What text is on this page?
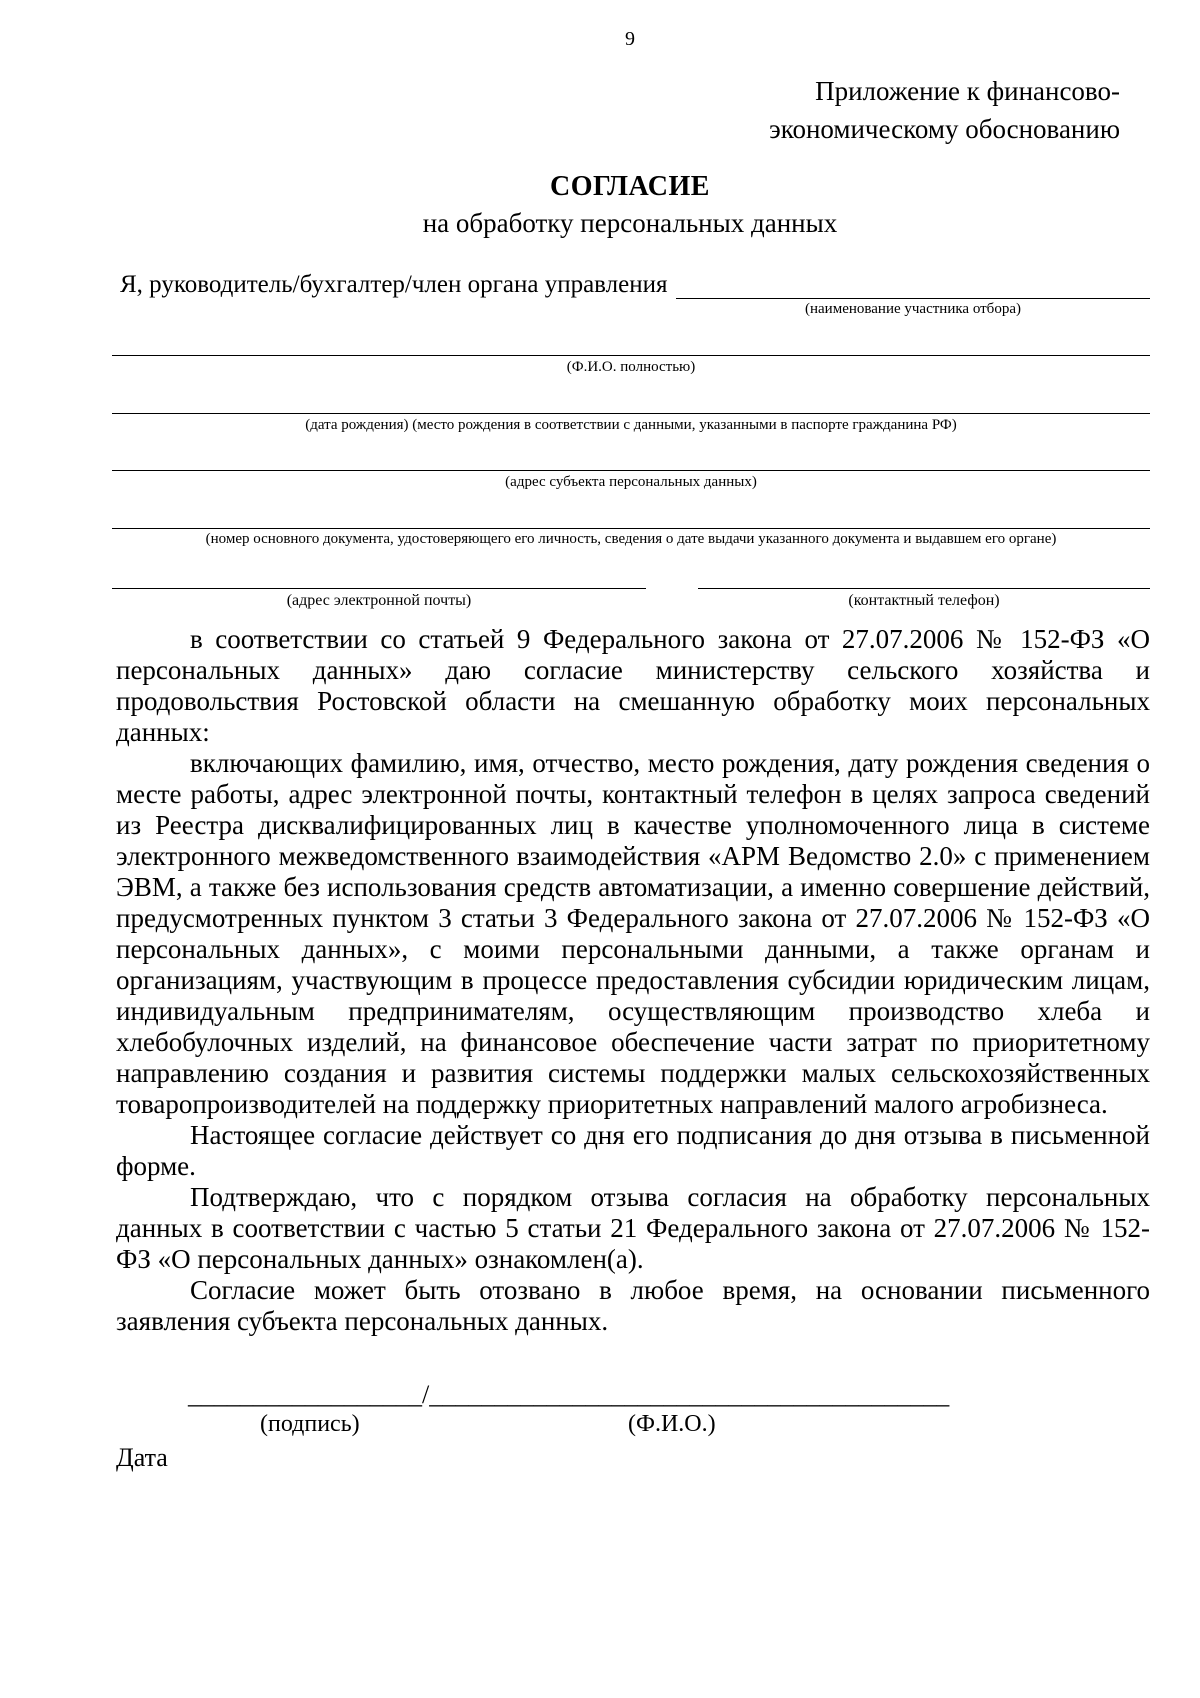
9
Приложение к финансово-
экономическому обоснованию
СОГЛАСИЕ
на обработку персональных данных
Я, руководитель/бухгалтер/член органа управления
(наименование участника отбора)
(Ф.И.О. полностью)
(дата рождения) (место рождения в соответствии с данными, указанными в паспорте гражданина РФ)
(адрес субъекта персональных данных)
(номер основного документа, удостоверяющего его личность, сведения о дате выдачи указанного документа и выдавшем его органе)
(адрес электронной почты)	(контактный телефон)

в соответствии со статьей 9 Федерального закона от 27.07.2006 № 152-ФЗ «О персональных данных» даю согласие министерству сельского хозяйства и продовольствия Ростовской области на смешанную обработку моих персональных данных:

включающих фамилию, имя, отчество, место рождения, дату рождения сведения о месте работы, адрес электронной почты, контактный телефон в целях запроса сведений из Реестра дисквалифицированных лиц в качестве уполномоченного лица в системе электронного межведомственного взаимодействия «АРМ Ведомство 2.0» с применением ЭВМ, а также без использования средств автоматизации, а именно совершение действий, предусмотренных пунктом 3 статьи 3 Федерального закона от 27.07.2006 № 152-ФЗ «О персональных данных», с моими персональными данными, а также органам и организациям, участвующим в процессе предоставления субсидии юридическим лицам, индивидуальным предпринимателям, осуществляющим производство хлеба и хлебобулочных изделий, на финансовое обеспечение части затрат по приоритетному направлению создания и развития системы поддержки малых сельскохозяйственных товаропроизводителей на поддержку приоритетных направлений малого агробизнеса.

Настоящее согласие действует со дня его подписания до дня отзыва в письменной форме.

Подтверждаю, что с порядком отзыва согласия на обработку персональных данных в соответствии с частью 5 статьи 21 Федерального закона от 27.07.2006 № 152-ФЗ «О персональных данных» ознакомлен(а).

Согласие может быть отозвано в любое время, на основании письменного заявления субъекта персональных данных.

__________________/________________________________________
(подпись)	(Ф.И.О.)
Дата
